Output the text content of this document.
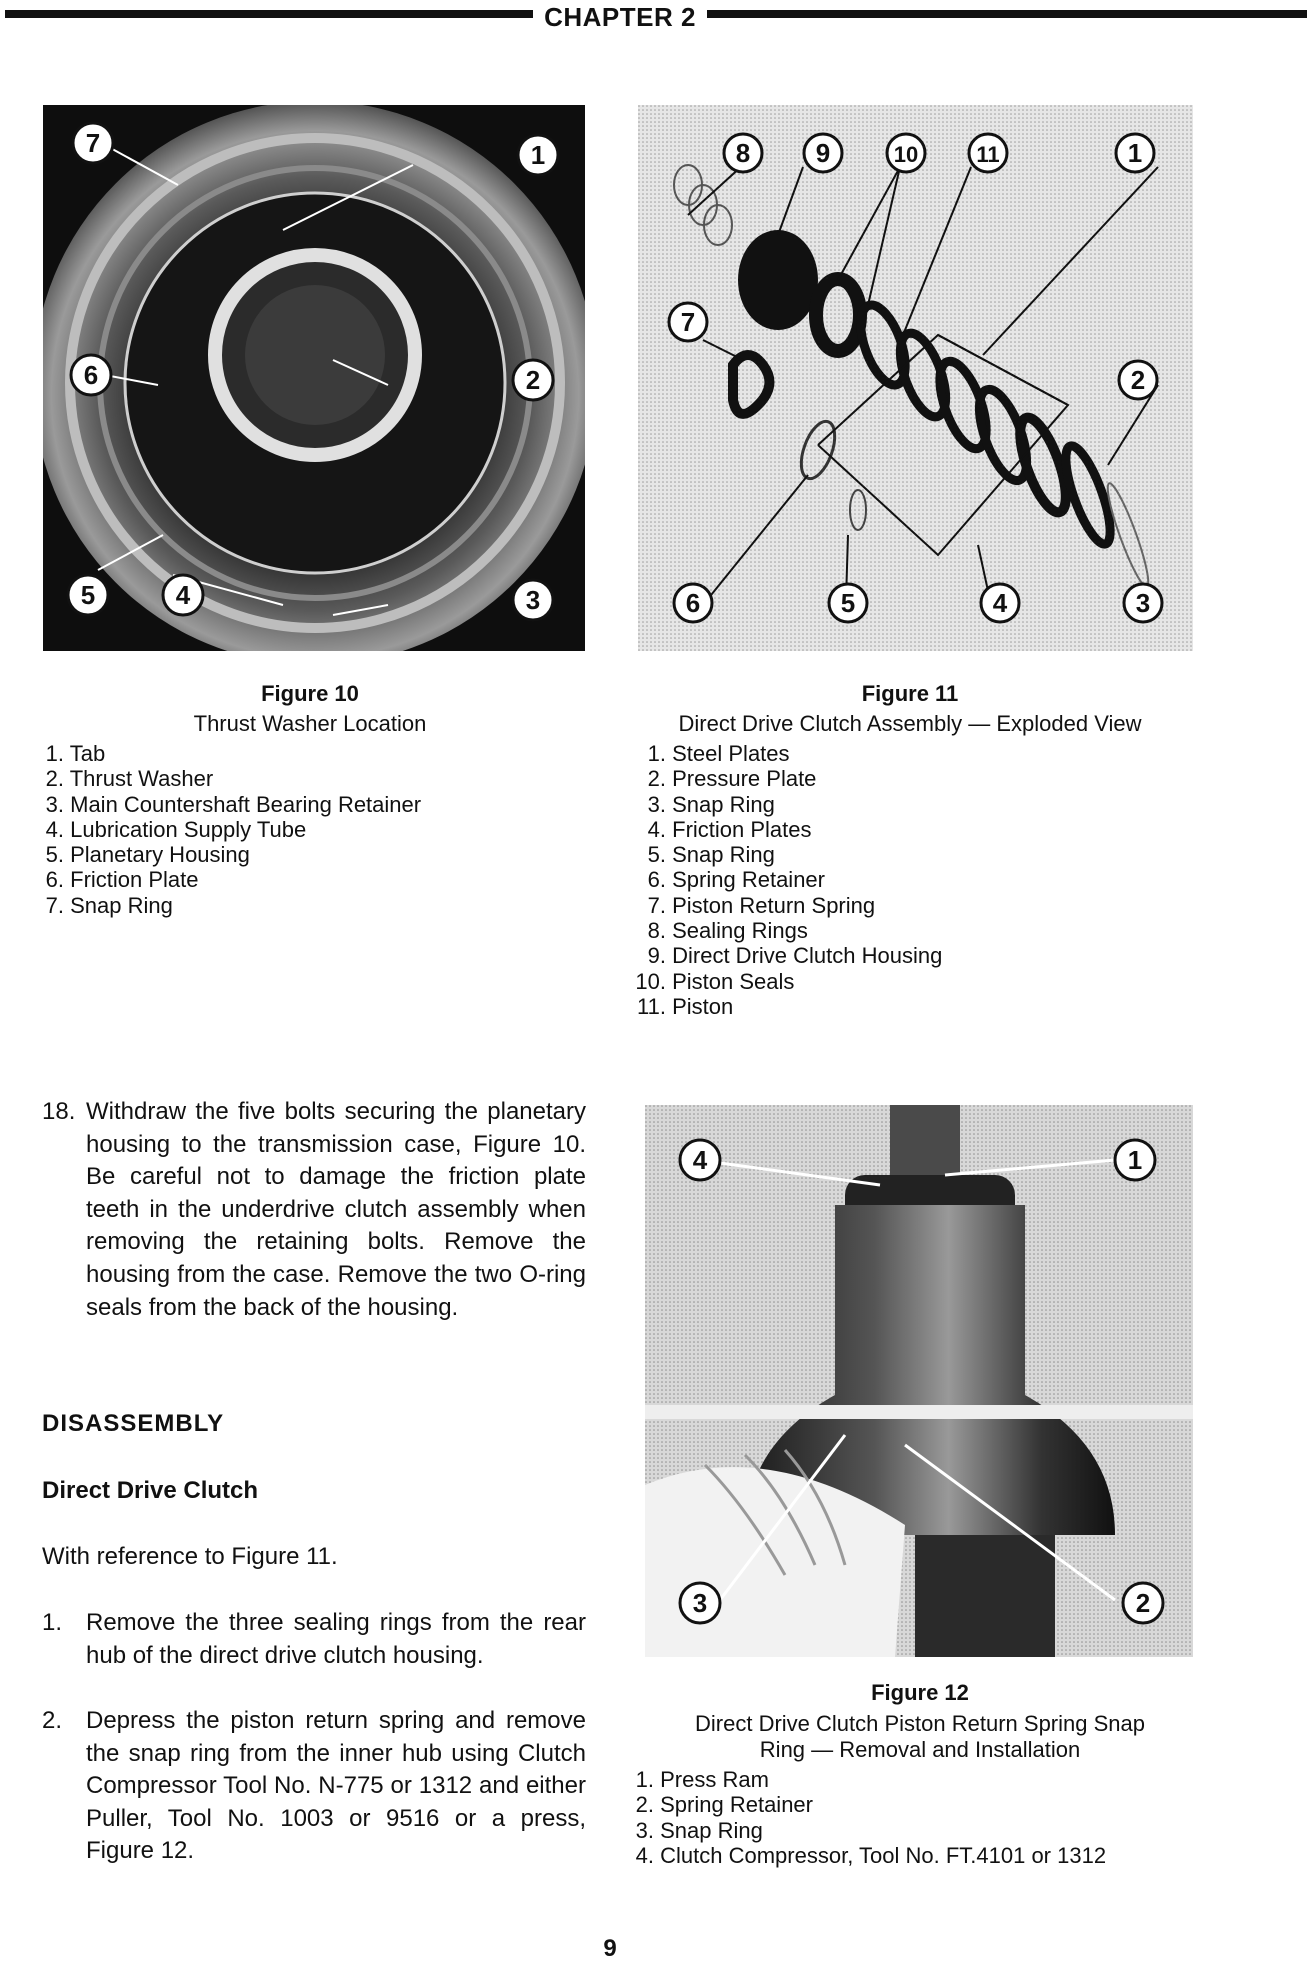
CHAPTER 2
7	1
6	2
5	4	3
8	9	10	11	1
7
2
6	5	4	3
Figure 10
Thrust Washer Location
1. Tab
2. Thrust Washer
3. Main Countershaft Bearing Retainer
4. Lubrication Supply Tube
5. Planetary Housing
6. Friction Plate
7. Snap Ring
Figure 11
Direct Drive Clutch Assembly — Exploded View
1. Steel Plates
2. Pressure Plate
3. Snap Ring
4. Friction Plates
5. Snap Ring
6. Spring Retainer
7. Piston Return Spring
8. Sealing Rings
9. Direct Drive Clutch Housing
10. Piston Seals
11. Piston
18. Withdraw the five bolts securing the planetary housing to the transmission case, Figure 10. Be careful not to damage the friction plate teeth in the underdrive clutch assembly when removing the retaining bolts. Remove the housing from the case. Remove the two O-ring seals from the back of the housing.
DISASSEMBLY
Direct Drive Clutch
With reference to Figure 11.
1. Remove the three sealing rings from the rear hub of the direct drive clutch housing.
2. Depress the piston return spring and remove the snap ring from the inner hub using Clutch Compressor Tool No. N-775 or 1312 and either Puller, Tool No. 1003 or 9516 or a press, Figure 12.
4	1
3	2
Figure 12
Direct Drive Clutch Piston Return Spring Snap
Ring — Removal and Installation
1. Press Ram
2. Spring Retainer
3. Snap Ring
4. Clutch Compressor, Tool No. FT.4101 or 1312
9
